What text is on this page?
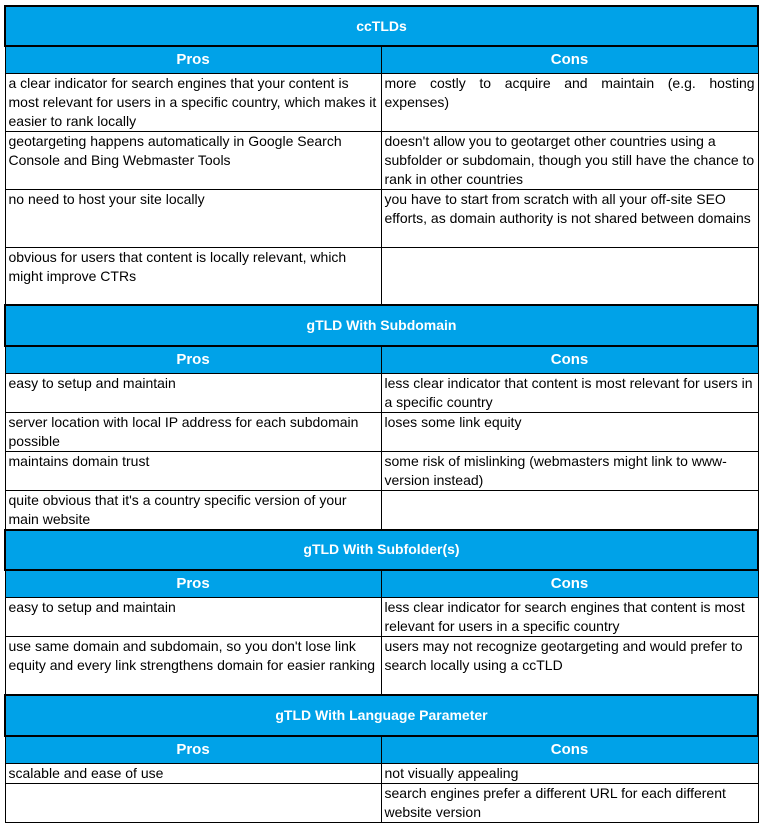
ccTLDs	
Pros	Cons
a clear indicator for search engines that your content is most relevant for users in a specific country, which makes it easier to rank locally	more costly to acquire and maintain (e.g. hosting expenses)
geotargeting happens automatically in Google Search Console and Bing Webmaster Tools	doesn't allow you to geotarget other countries using a subfolder or subdomain, though you still have the chance to rank in other countries
no need to host your site locally	you have to start from scratch with all your off-site SEO efforts, as domain authority is not shared between domains
obvious for users that content is locally relevant, which might improve CTRs	
gTLD With Subdomain	
Pros	Cons
easy to setup and maintain	less clear indicator that content is most relevant for users in a specific country
server location with local IP address for each subdomain possible	loses some link equity
maintains domain trust	some risk of mislinking (webmasters might link to www-version instead)
quite obvious that it's a country specific version of your main website	
gTLD With Subfolder(s)	
Pros	Cons
easy to setup and maintain	less clear indicator for search engines that content is most relevant for users in a specific country
use same domain and subdomain, so you don't lose link equity and every link strengthens domain for easier ranking	users may not recognize geotargeting and would prefer to search locally using a ccTLD
gTLD With Language Parameter	
Pros	Cons
scalable and ease of use	not visually appealing
	search engines prefer a different URL for each different website version
